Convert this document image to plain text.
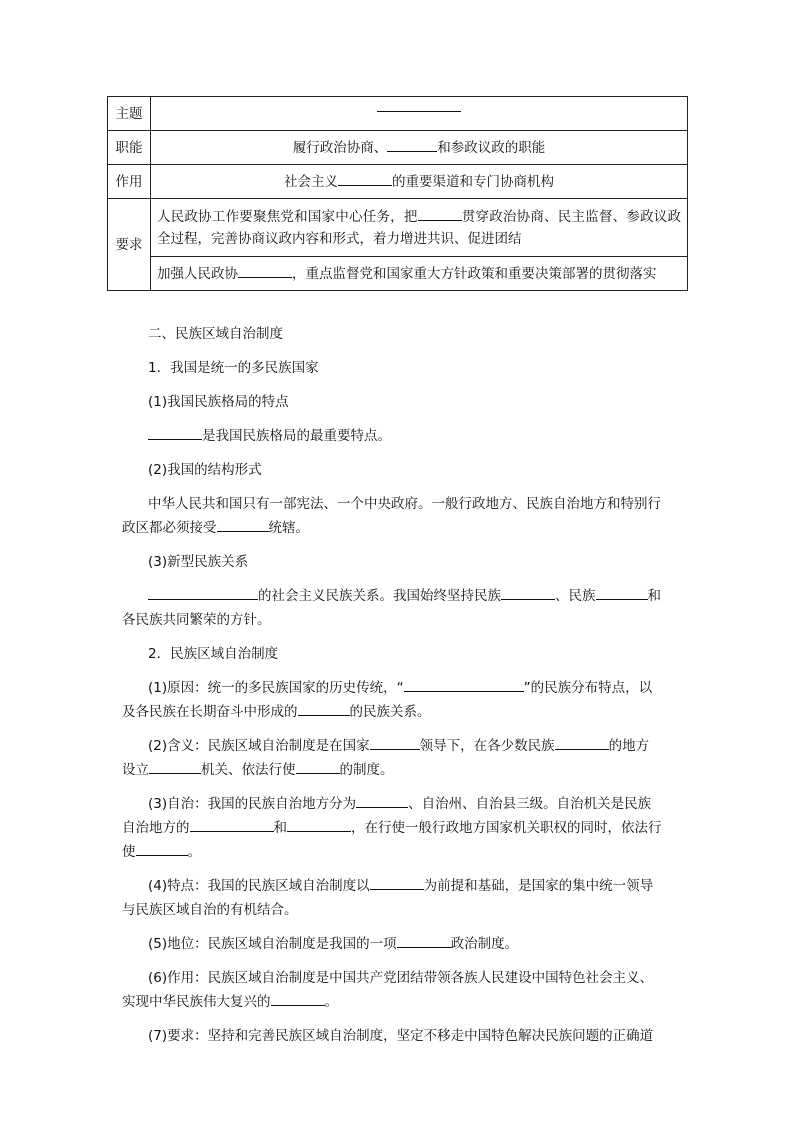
主题	
职能	履行政治协商、 和参政议政的职能
作用	社会主义 的重要渠道和专门协商机构
要求	人民政协工作要聚焦党和国家中心任务，把 贯穿政治协商、民主监督、参政议政全过程，完善协商议政内容和形式，着力增进共识、促进团结
	加强人民政协 ，重点监督党和国家重大方针政策和重要决策部署的贯彻落实
二、民族区域自治制度
1．我国是统一的多民族国家
(1)我国民族格局的特点
是我国民族格局的最重要特点。
(2)我国的结构形式
中华人民共和国只有一部宪法、一个中央政府。一般行政地方、民族自治地方和特别行
政区都必须接受	统辖。
(3)新型民族关系
的社会主义民族关系。我国始终坚持民族	、民族	和
各民族共同繁荣的方针。
2．民族区域自治制度
(1)原因：统一的多民族国家的历史传统，“	”的民族分布特点，以
及各民族在长期奋斗中形成的	的民族关系。
(2)含义：民族区域自治制度是在国家	领导下，在各少数民族	的地方
设立	机关、依法行使	的制度。
(3)自治：我国的民族自治地方分为	、自治州、自治县三级。自治机关是民族
自治地方的	和	，在行使一般行政地方国家机关职权的同时，依法行
使	。
(4)特点：我国的民族区域自治制度以	为前提和基础，是国家的集中统一领导
与民族区域自治的有机结合。
(5)地位：民族区域自治制度是我国的一项	政治制度。
(6)作用：民族区域自治制度是中国共产党团结带领各族人民建设中国特色社会主义、
实现中华民族伟大复兴的	。
(7)要求：坚持和完善民族区域自治制度，坚定不移走中国特色解决民族问题的正确道
